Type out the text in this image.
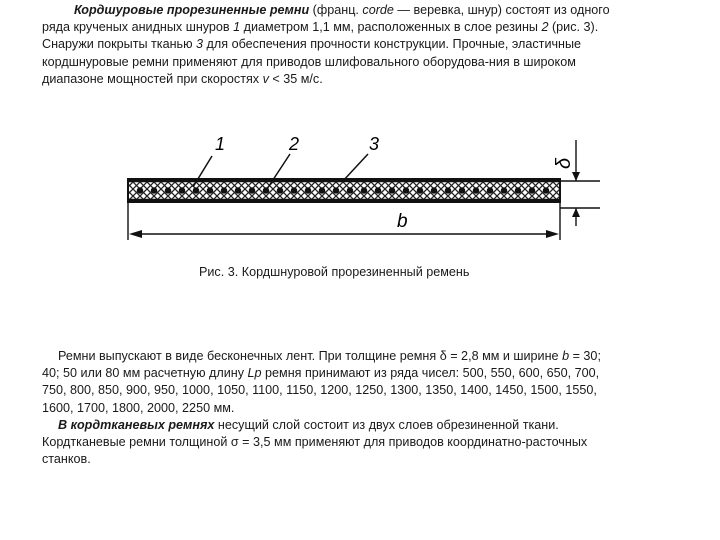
Кордшуровые прорезиненные ремни (франц. corde — веревка, шнур) состоят из одного
ряда крученых анидных шнуров 1 диаметром 1,1 мм, расположенных в слое резины 2 (рис. 3).
Снаружи покрыты тканью 3 для обеспечения прочности конструкции. Прочные, эластичные
кордшнуровые ремни применяют для приводов шлифовального оборудова-ния в широком
диапазоне мощностей при скоростях v < 35 м/с.
1	2	3
δ
b
Рис. 3. Кордшнуровой прорезиненный ремень
Ремни выпускают в виде бесконечных лент. При толщине ремня δ = 2,8 мм и ширине b = 30;
40; 50 или 80 мм расчетную длину Lр ремня принимают из ряда чисел: 500, 550, 600, 650, 700,
750, 800, 850, 900, 950, 1000, 1050, 1100, 1150, 1200, 1250, 1300, 1350, 1400, 1450, 1500, 1550,
1600, 1700, 1800, 2000, 2250 мм.
В кордтканевых ремнях несущий слой состоит из двух слоев обрезиненной ткани.
Кордтканевые ремни толщиной σ = 3,5 мм применяют для приводов координатно-расточных
станков.
